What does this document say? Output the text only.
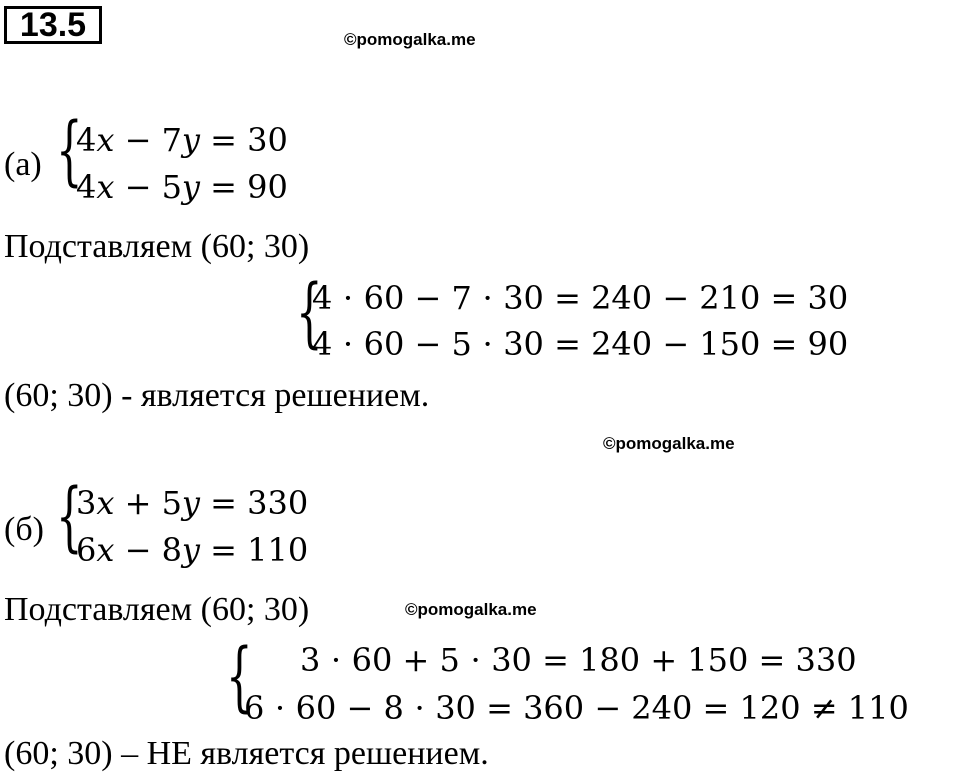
13.5	©pomogalka.me
(а) {
4𝑥 − 7𝑦 = 30
4𝑥 − 5𝑦 = 90
Подставляем (60; 30)
{
4 ⋅ 60 − 7 ⋅ 30 = 240 − 210 = 30
4 ⋅ 60 − 5 ⋅ 30 = 240 − 150 = 90
(60; 30) - является решением.
©pomogalka.me
(б) {
3𝑥 + 5𝑦 = 330
6𝑥 − 8𝑦 = 110
Подставляем (60; 30)	©pomogalka.me
{ 3 ⋅ 60 + 5 ⋅ 30 = 180 + 150 = 330
6 ⋅ 60 − 8 ⋅ 30 = 360 − 240 = 120 ≠ 110
(60; 30) – НЕ является решением.
